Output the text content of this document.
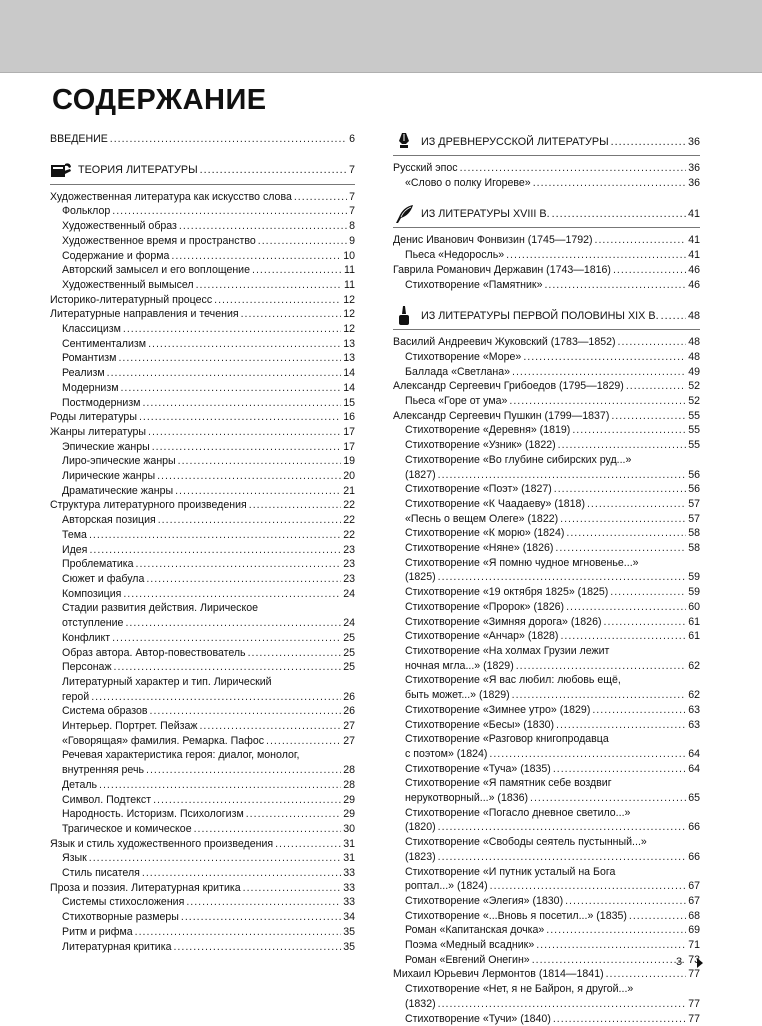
СОДЕРЖАНИЕ
ВВЕДЕНИЕ .....	6
ТЕОРИЯ ЛИТЕРАТУРЫ .....	7
Художественная литература как искусство слова .....	7
Фольклор .....	7
Художественный образ .....	8
Художественное время и пространство .....	9
Содержание и форма .....	10
Авторский замысел и его воплощение .....	11
Художественный вымысел .....	11
Историко-литературный процесс .....	12
Литературные направления и течения .....	12
Классицизм .....	12
Сентиментализм .....	13
Романтизм .....	13
Реализм .....	14
Модернизм .....	14
Постмодернизм .....	15
Роды литературы .....	16
Жанры литературы .....	17
Эпические жанры .....	17
Лиро-эпические жанры .....	19
Лирические жанры .....	20
Драматические жанры .....	21
Структура литературного произведения .....	22
Авторская позиция .....	22
Тема .....	22
Идея .....	23
Проблематика .....	23
Сюжет и фабула .....	23
Композиция .....	24
Стадии развития действия. Лирическое
отступление .....	24
Конфликт .....	25
Образ автора. Автор-повествователь .....	25
Персонаж .....	25
Литературный характер и тип. Лирический
герой .....	26
Система образов .....	26
Интерьер. Портрет. Пейзаж .....	27
«Говорящая» фамилия. Ремарка. Пафос .....	27
Речевая характеристика героя: диалог, монолог,
внутренняя речь .....	28
Деталь .....	28
Символ. Подтекст .....	29
Народность. Историзм. Психологизм .....	29
Трагическое и комическое .....	30
Язык и стиль художественного произведения .....	31
Язык .....	31
Стиль писателя .....	33
Проза и поэзия. Литературная критика .....	33
Системы стихосложения .....	33
Стихотворные размеры .....	34
Ритм и рифма .....	35
Литературная критика .....	35
ИЗ ДРЕВНЕРУССКОЙ ЛИТЕРАТУРЫ .....	36
Русский эпос .....	36
«Слово о полку Игореве» .....	36
ИЗ ЛИТЕРАТУРЫ XVIII В. .....	41
Денис Иванович Фонвизин (1745—1792) .....	41
Пьеса «Недоросль» .....	41
Гаврила Романович Державин (1743—1816) .....	46
Стихотворение «Памятник» .....	46
ИЗ ЛИТЕРАТУРЫ ПЕРВОЙ ПОЛОВИНЫ XIX В. .....	48
Василий Андреевич Жуковский (1783—1852) .....	48
Стихотворение «Море» .....	48
Баллада «Светлана» .....	49
Александр Сергеевич Грибоедов (1795—1829) .....	52
Пьеса «Горе от ума» .....	52
Александр Сергеевич Пушкин (1799—1837) .....	55
Стихотворение «Деревня» (1819) .....	55
Стихотворение «Узник» (1822) .....	55
Стихотворение «Во глубине сибирских руд...»
(1827) .....	56
Стихотворение «Поэт» (1827) .....	56
Стихотворение «К Чаадаеву» (1818) .....	57
«Песнь о вещем Олеге» (1822) .....	57
Стихотворение «К морю» (1824) .....	58
Стихотворение «Няне» (1826) .....	58
Стихотворение «Я помню чудное мгновенье...»
(1825) .....	59
Стихотворение «19 октября 1825» (1825) .....	59
Стихотворение «Пророк» (1826) .....	60
Стихотворение «Зимняя дорога» (1826) .....	61
Стихотворение «Анчар» (1828) .....	61
Стихотворение «На холмах Грузии лежит
ночная мгла...» (1829) .....	62
Стихотворение «Я вас любил: любовь ещё,
быть может...» (1829) .....	62
Стихотворение «Зимнее утро» (1829) .....	63
Стихотворение «Бесы» (1830) .....	63
Стихотворение «Разговор книгопродавца
с поэтом» (1824) .....	64
Стихотворение «Туча» (1835) .....	64
Стихотворение «Я памятник себе воздвиг
нерукотворный...» (1836) .....	65
Стихотворение «Погасло дневное светило...»
(1820) .....	66
Стихотворение «Свободы сеятель пустынный...»
(1823) .....	66
Стихотворение «И путник усталый на Бога
роптал...» (1824) .....	67
Стихотворение «Элегия» (1830) .....	67
Стихотворение «...Вновь я посетил...» (1835) .....	68
Роман «Капитанская дочка» .....	69
Поэма «Медный всадник» .....	71
Роман «Евгений Онегин» .....	73
Михаил Юрьевич Лермонтов (1814—1841) .....	77
Стихотворение «Нет, я не Байрон, я другой...»
(1832) .....	77
Стихотворение «Тучи» (1840) .....	77
3
